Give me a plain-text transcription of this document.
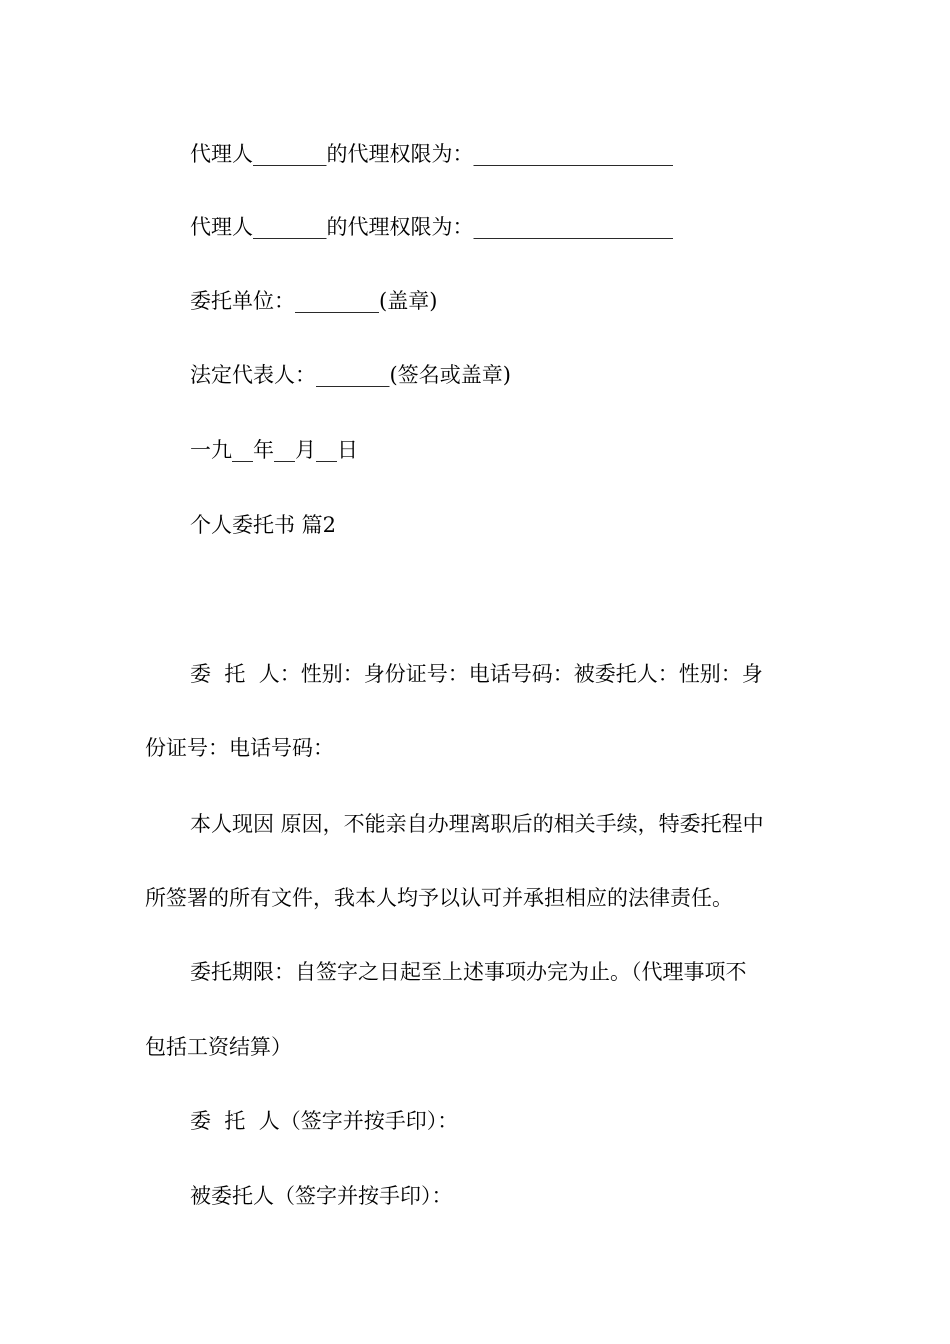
代理人_______的代理权限为：___________________
代理人_______的代理权限为：___________________
委托单位：________(盖章)
法定代表人：_______(签名或盖章)
一九__年__月__日
个人委托书 篇2
委  托  人：性别：身份证号：电话号码：被委托人：性别：身
份证号：电话号码：
本人现因 原因，不能亲自办理离职后的相关手续，特委托程中
所签署的所有文件，我本人均予以认可并承担相应的法律责任。
委托期限：自签字之日起至上述事项办完为止。（代理事项不
包括工资结算）
委  托  人（签字并按手印）：
被委托人（签字并按手印）：
